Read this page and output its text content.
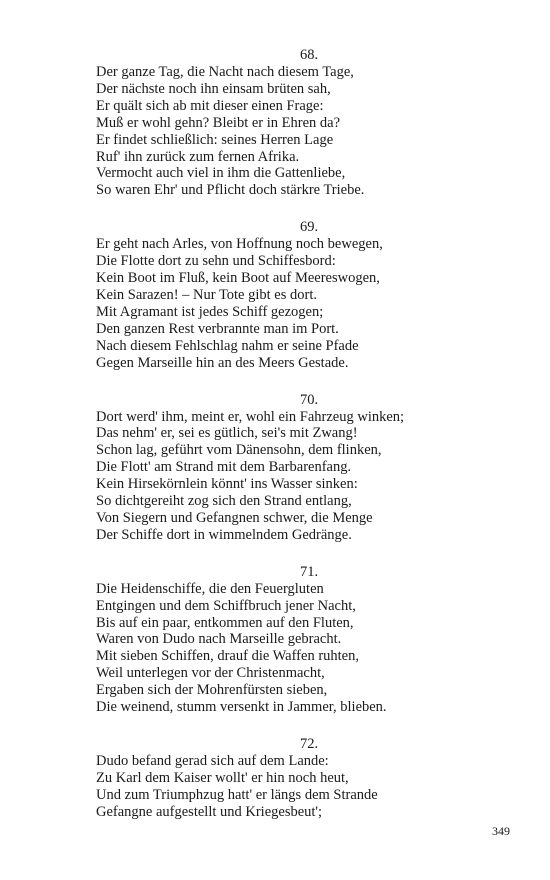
68.
Der ganze Tag, die Nacht nach diesem Tage,
Der nächste noch ihn einsam brüten sah,
Er quält sich ab mit dieser einen Frage:
Muß er wohl gehn? Bleibt er in Ehren da?
Er findet schließlich: seines Herren Lage
Ruf' ihn zurück zum fernen Afrika.
Vermocht auch viel in ihm die Gattenliebe,
So waren Ehr' und Pflicht doch stärkre Triebe.
69.
Er geht nach Arles, von Hoffnung noch bewegen,
Die Flotte dort zu sehn und Schiffesbord:
Kein Boot im Fluß, kein Boot auf Meereswogen,
Kein Sarazen! – Nur Tote gibt es dort.
Mit Agramant ist jedes Schiff gezogen;
Den ganzen Rest verbrannte man im Port.
Nach diesem Fehlschlag nahm er seine Pfade
Gegen Marseille hin an des Meers Gestade.
70.
Dort werd' ihm, meint er, wohl ein Fahrzeug winken;
Das nehm' er, sei es gütlich, sei's mit Zwang!
Schon lag, geführt vom Dänensohn, dem flinken,
Die Flott' am Strand mit dem Barbarenfang.
Kein Hirsekörnlein könnt' ins Wasser sinken:
So dichtgereiht zog sich den Strand entlang,
Von Siegern und Gefangnen schwer, die Menge
Der Schiffe dort in wimmelndem Gedränge.
71.
Die Heidenschiffe, die den Feuergluten
Entgingen und dem Schiffbruch jener Nacht,
Bis auf ein paar, entkommen auf den Fluten,
Waren von Dudo nach Marseille gebracht.
Mit sieben Schiffen, drauf die Waffen ruhten,
Weil unterlegen vor der Christenmacht,
Ergaben sich der Mohrenfürsten sieben,
Die weinend, stumm versenkt in Jammer, blieben.
72.
Dudo befand gerad sich auf dem Lande:
Zu Karl dem Kaiser wollt' er hin noch heut,
Und zum Triumphzug hatt' er längs dem Strande
Gefangne aufgestellt und Kriegesbeut';
349
